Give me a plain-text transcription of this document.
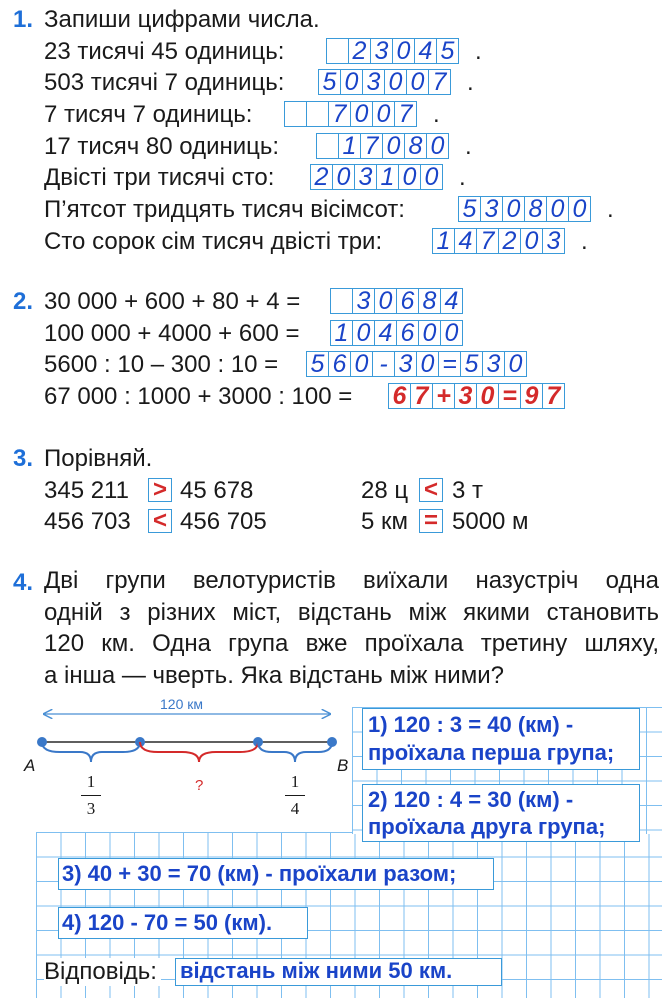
1. Запиши цифрами числа.
23 тисячі 45 одиниць:	2 3 0 4 5 .
503 тисячі 7 одиниць: 5 0 3 0 0 7 .
7 тисяч 7 одиниць:	7 0 0 7 .
17 тисяч 80 одиниць:	1 7 0 8 0 .
Двісті три тисячі сто: 2 0 3 1 0 0 .
П’ятсот тридцять тисяч вісімсот: 5 3 0 8 0 0 .
Сто сорок сім тисяч двісті три: 1 4 7 2 0 3 .
2. 30 000 + 600 + 80 + 4 = 3 0 6 8 4
100 000 + 4000 + 600 = 1 0 4 6 0 0
5600 : 10 – 300 : 10 = 5 6 0 - 3 0 = 5 3 0
67 000 : 1000 + 3000 : 100 = 6 7 + 3 0 = 9 7
3. Порівняй.
345 211 > 45 678	28 ц < 3 т
456 703 < 456 705	5 км = 5000 м
4. Дві групи велотуристів виїхали назустріч одна
одній з різних міст, відстань між якими становить
120 км. Одна група вже проїхала третину шляху,
а інша — чверть. Яка відстань між ними?
120 км
A	B
?
1
3
1
4
1) 120 : 3 = 40 (км) -
проїхала перша група;
2) 120 : 4 = 30 (км) -
проїхала друга група;
3) 40 + 30 = 70 (км) - проїхали разом;
4) 120 - 70 = 50 (км).
Відповідь: відстань між ними 50 км.
